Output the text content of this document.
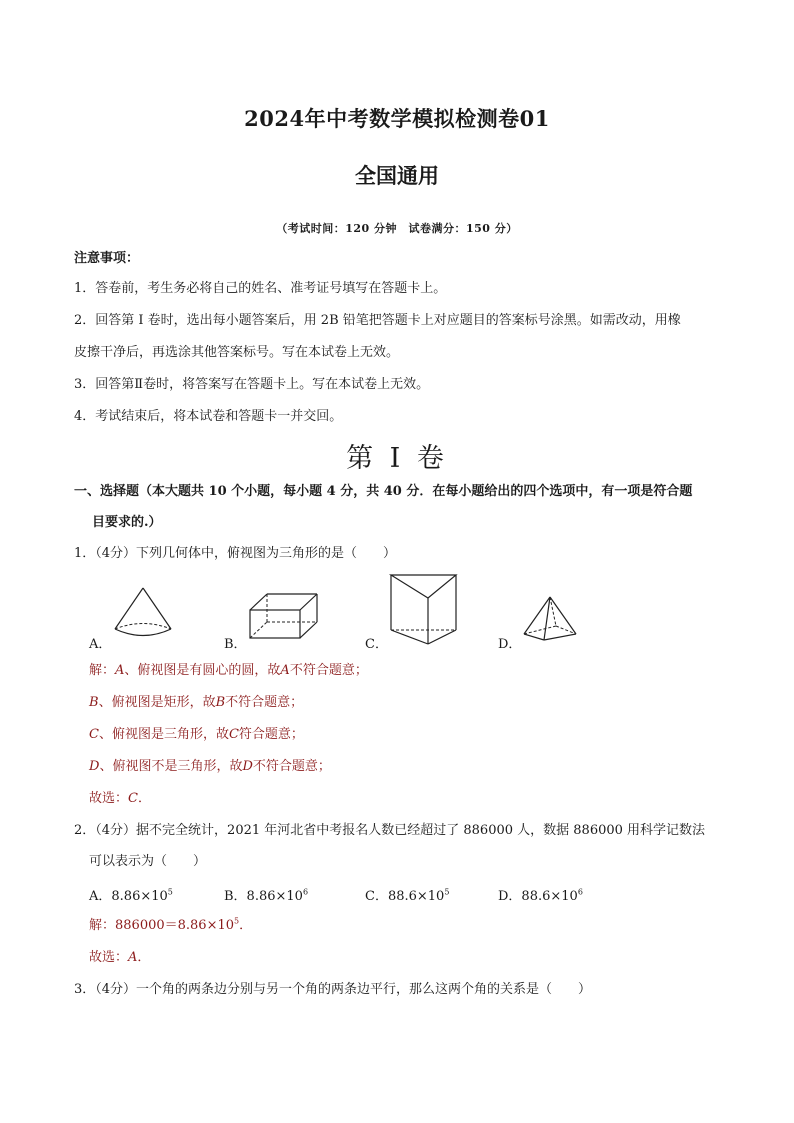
2024年中考数学模拟检测卷01
全国通用
（考试时间：120 分钟　试卷满分：150 分）
注意事项：
1．答卷前，考生务必将自己的姓名、准考证号填写在答题卡上。
2．回答第 I 卷时，选出每小题答案后，用 2B 铅笔把答题卡上对应题目的答案标号涂黑。如需改动，用橡
皮擦干净后，再选涂其他答案标号。写在本试卷上无效。
3．回答第Ⅱ卷时，将答案写在答题卡上。写在本试卷上无效。
4．考试结束后，将本试卷和答题卡一并交回。
第 I 卷
一、选择题（本大题共 10 个小题，每小题 4 分，共 40 分．在每小题给出的四个选项中，有一项是符合题
目要求的.）
1．（4分）下列几何体中，俯视图为三角形的是（　　）
A．	B．	C．	D．
解：A、俯视图是有圆心的圆，故A不符合题意；
B、俯视图是矩形，故B不符合题意；
C、俯视图是三角形，故C符合题意；
D、俯视图不是三角形，故D不符合题意；
故选：C．
2．（4分）据不完全统计，2021 年河北省中考报名人数已经超过了 886000 人，数据 886000 用科学记数法
可以表示为（　　）
A．$8.86\times 10^5$	B．$8.86\times 10^6$	C．$88.6\times 10^5$	D．$88.6\times 10^6$
解：$886000=8.86\times 10^5$．
故选：A．
3．（4分）一个角的两条边分别与另一个角的两条边平行，那么这两个角的关系是（　　）
